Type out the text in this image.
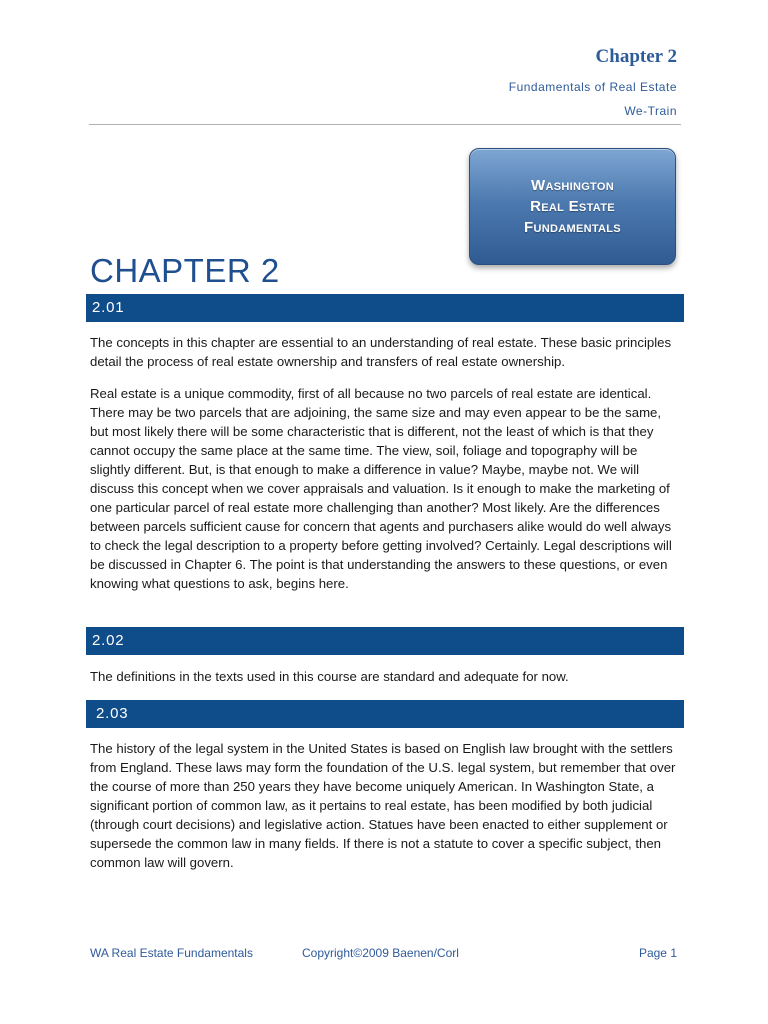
Chapter 2
Fundamentals of Real Estate
We-Train
Washington
Real Estate
Fundamentals
CHAPTER 2
2.01

The concepts in this chapter are essential to an understanding of real estate. These basic principles detail the process of real estate ownership and transfers of real estate ownership.

Real estate is a unique commodity, first of all because no two parcels of real estate are identical. There may be two parcels that are adjoining, the same size and may even appear to be the same, but most likely there will be some characteristic that is different, not the least of which is that they cannot occupy the same place at the same time. The view, soil, foliage and topography will be slightly different. But, is that enough to make a difference in value? Maybe, maybe not. We will discuss this concept when we cover appraisals and valuation. Is it enough to make the marketing of one particular parcel of real estate more challenging than another? Most likely. Are the differences between parcels sufficient cause for concern that agents and purchasers alike would do well always to check the legal description to a property before getting involved? Certainly. Legal descriptions will be discussed in Chapter 6. The point is that understanding the answers to these questions, or even knowing what questions to ask, begins here.

2.02

The definitions in the texts used in this course are standard and adequate for now.

2.03

The history of the legal system in the United States is based on English law brought with the settlers from England. These laws may form the foundation of the U.S. legal system, but remember that over the course of more than 250 years they have become uniquely American. In Washington State, a significant portion of common law, as it pertains to real estate, has been modified by both judicial (through court decisions) and legislative action. Statues have been enacted to either supplement or supersede the common law in many fields. If there is not a statute to cover a specific subject, then common law will govern.

WA Real Estate Fundamentals	Copyright©2009 Baenen/Corl	Page 1
